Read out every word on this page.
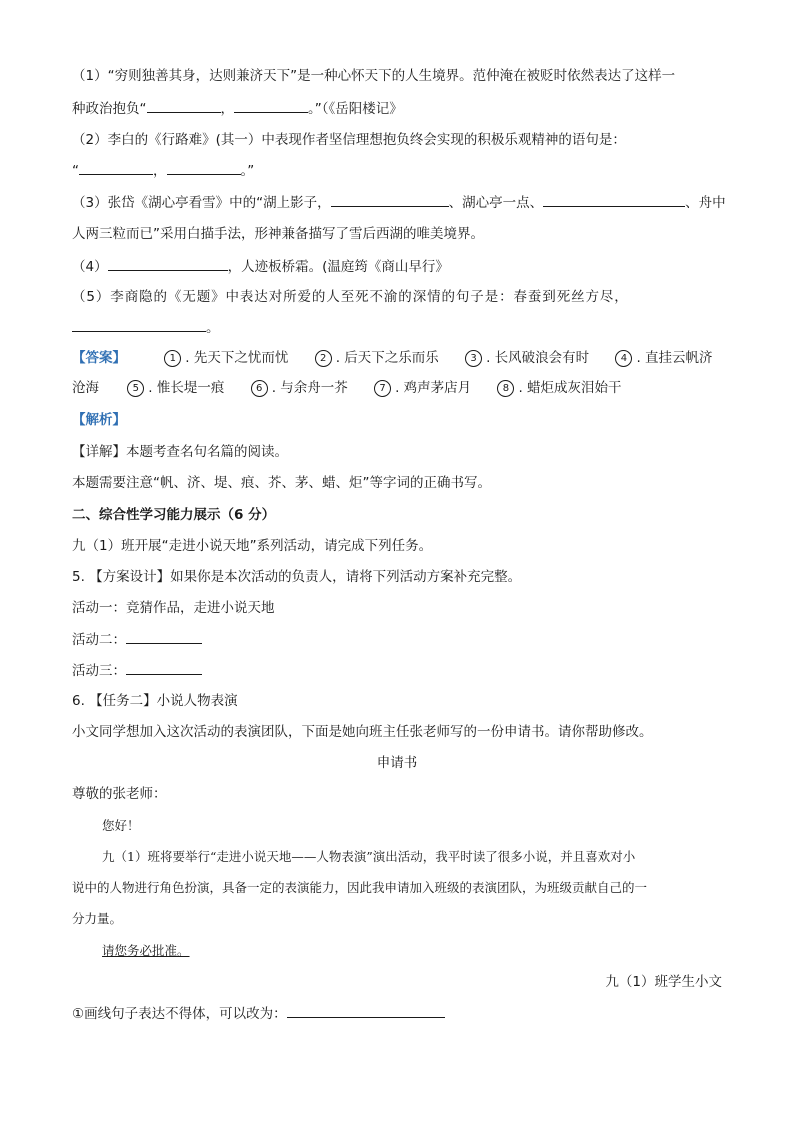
（1）“穷则独善其身，达则兼济天下”是一种心怀天下的人生境界。范仲淹在被贬时依然表达了这样一
种政治抱负“	，	。”（《岳阳楼记》
（2）李白的《行路难》(其一）中表现作者坚信理想抱负终会实现的积极乐观精神的语句是：
“	，	。”
（3）张岱《湖心亭看雪》中的“湖上影子，	、湖心亭一点、	、舟中
人两三粒而已”采用白描手法，形神兼备描写了雪后西湖的唯美境界。
（4）	，人迹板桥霜。(温庭筠《商山早行》
（5）李商隐的《无题》中表达对所爱的人至死不渝的深情的句子是：春蚕到死丝方尽，
。
【答案】	1 . 先天下之忧而忧	2 . 后天下之乐而乐	3 . 长风破浪会有时	4 . 直挂云帆济
沧海	5 . 惟长堤一痕	6 . 与余舟一芥	7 . 鸡声茅店月	8 . 蜡炬成灰泪始干
【解析】
【详解】本题考查名句名篇的阅读。
本题需要注意“帆、济、堤、痕、芥、茅、蜡、炬”等字词的正确书写。
二、综合性学习能力展示（6 分）
九（1）班开展“走进小说天地”系列活动，请完成下列任务。
5. 【方案设计】如果你是本次活动的负责人，请将下列活动方案补充完整。
活动一：竞猜作品，走进小说天地
活动二：
活动三：
6. 【任务二】小说人物表演
小文同学想加入这次活动的表演团队，下面是她向班主任张老师写的一份申请书。请你帮助修改。
申请书
尊敬的张老师：
您好！
九（1）班将要举行“走进小说天地——人物表演”演出活动，我平时读了很多小说，并且喜欢对小
说中的人物进行角色扮演，具备一定的表演能力，因此我申请加入班级的表演团队，为班级贡献自己的一
分力量。
请您务必批准。
九（1）班学生小文
①画线句子表达不得体，可以改为：
